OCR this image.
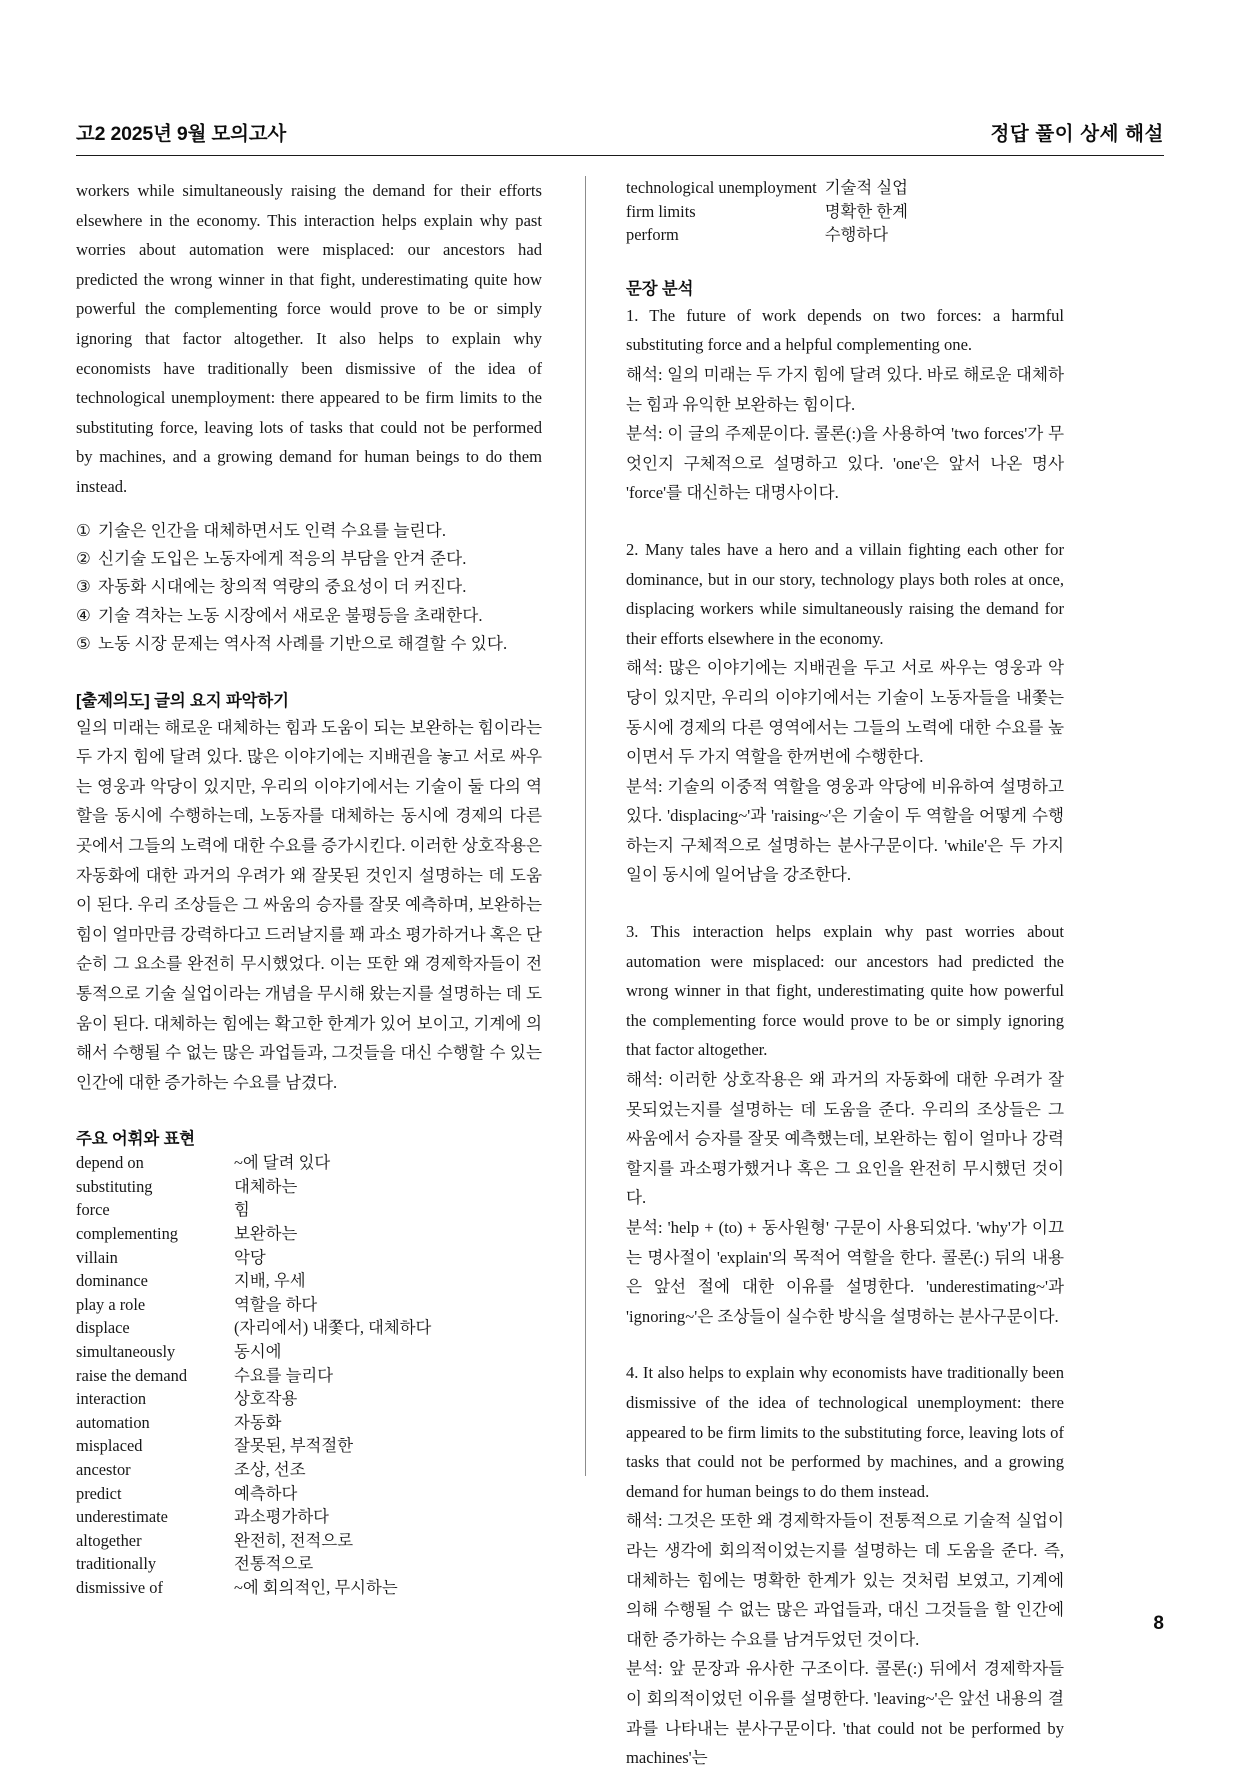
고2 2025년 9월 모의고사	정답 풀이 상세 해설

workers while simultaneously raising the demand for their efforts elsewhere in the economy. This interaction helps explain why past worries about automation were misplaced: our ancestors had predicted the wrong winner in that fight, underestimating quite how powerful the complementing force would prove to be or simply ignoring that factor altogether. It also helps to explain why economists have traditionally been dismissive of the idea of technological unemployment: there appeared to be firm limits to the substituting force, leaving lots of tasks that could not be performed by machines, and a growing demand for human beings to do them instead.

① 기술은 인간을 대체하면서도 인력 수요를 늘린다.
② 신기술 도입은 노동자에게 적응의 부담을 안겨 준다.
③ 자동화 시대에는 창의적 역량의 중요성이 더 커진다.
④ 기술 격차는 노동 시장에서 새로운 불평등을 초래한다.
⑤ 노동 시장 문제는 역사적 사례를 기반으로 해결할 수 있다.
[출제의도] 글의 요지 파악하기

일의 미래는 해로운 대체하는 힘과 도움이 되는 보완하는 힘이라는 두 가지 힘에 달려 있다. 많은 이야기에는 지배권을 놓고 서로 싸우는 영웅과 악당이 있지만, 우리의 이야기에서는 기술이 둘 다의 역할을 동시에 수행하는데, 노동자를 대체하는 동시에 경제의 다른 곳에서 그들의 노력에 대한 수요를 증가시킨다. 이러한 상호작용은 자동화에 대한 과거의 우려가 왜 잘못된 것인지 설명하는 데 도움이 된다. 우리 조상들은 그 싸움의 승자를 잘못 예측하며, 보완하는 힘이 얼마만큼 강력하다고 드러날지를 꽤 과소 평가하거나 혹은 단순히 그 요소를 완전히 무시했었다. 이는 또한 왜 경제학자들이 전통적으로 기술 실업이라는 개념을 무시해 왔는지를 설명하는 데 도움이 된다. 대체하는 힘에는 확고한 한계가 있어 보이고, 기계에 의해서 수행될 수 없는 많은 과업들과, 그것들을 대신 수행할 수 있는 인간에 대한 증가하는 수요를 남겼다.

주요 어휘와 표현
depend on	~에 달려 있다
substituting	대체하는
force	힘
complementing	보완하는
villain	악당
dominance	지배, 우세
play a role	역할을 하다
displace	(자리에서) 내쫓다, 대체하다
simultaneously	동시에
raise the demand	수요를 늘리다
interaction	상호작용
automation	자동화
misplaced	잘못된, 부적절한
ancestor	조상, 선조
predict	예측하다
underestimate	과소평가하다
altogether	완전히, 전적으로
traditionally	전통적으로
dismissive of	~에 회의적인, 무시하는
technological unemployment	기술적 실업
firm limits	명확한 한계
perform	수행하다
문장 분석

1. The future of work depends on two forces: a harmful substituting force and a helpful complementing one.

해석: 일의 미래는 두 가지 힘에 달려 있다. 바로 해로운 대체하는 힘과 유익한 보완하는 힘이다.

분석: 이 글의 주제문이다. 콜론(:)을 사용하여 'two forces'가 무엇인지 구체적으로 설명하고 있다. 'one'은 앞서 나온 명사 'force'를 대신하는 대명사이다.

2. Many tales have a hero and a villain fighting each other for dominance, but in our story, technology plays both roles at once, displacing workers while simultaneously raising the demand for their efforts elsewhere in the economy.

해석: 많은 이야기에는 지배권을 두고 서로 싸우는 영웅과 악당이 있지만, 우리의 이야기에서는 기술이 노동자들을 내쫓는 동시에 경제의 다른 영역에서는 그들의 노력에 대한 수요를 높이면서 두 가지 역할을 한꺼번에 수행한다.

분석: 기술의 이중적 역할을 영웅과 악당에 비유하여 설명하고 있다. 'displacing~'과 'raising~'은 기술이 두 역할을 어떻게 수행하는지 구체적으로 설명하는 분사구문이다. 'while'은 두 가지 일이 동시에 일어남을 강조한다.

3. This interaction helps explain why past worries about automation were misplaced: our ancestors had predicted the wrong winner in that fight, underestimating quite how powerful the complementing force would prove to be or simply ignoring that factor altogether.

해석: 이러한 상호작용은 왜 과거의 자동화에 대한 우려가 잘못되었는지를 설명하는 데 도움을 준다. 우리의 조상들은 그 싸움에서 승자를 잘못 예측했는데, 보완하는 힘이 얼마나 강력할지를 과소평가했거나 혹은 그 요인을 완전히 무시했던 것이다.

분석: 'help + (to) + 동사원형' 구문이 사용되었다. 'why'가 이끄는 명사절이 'explain'의 목적어 역할을 한다. 콜론(:) 뒤의 내용은 앞선 절에 대한 이유를 설명한다. 'underestimating~'과 'ignoring~'은 조상들이 실수한 방식을 설명하는 분사구문이다.

4. It also helps to explain why economists have traditionally been dismissive of the idea of technological unemployment: there appeared to be firm limits to the substituting force, leaving lots of tasks that could not be performed by machines, and a growing demand for human beings to do them instead.

해석: 그것은 또한 왜 경제학자들이 전통적으로 기술적 실업이라는 생각에 회의적이었는지를 설명하는 데 도움을 준다. 즉, 대체하는 힘에는 명확한 한계가 있는 것처럼 보였고, 기계에 의해 수행될 수 없는 많은 과업들과, 대신 그것들을 할 인간에 대한 증가하는 수요를 남겨두었던 것이다.

분석: 앞 문장과 유사한 구조이다. 콜론(:) 뒤에서 경제학자들이 회의적이었던 이유를 설명한다. 'leaving~'은 앞선 내용의 결과를 나타내는 분사구문이다. 'that could not be performed by machines'는

8
